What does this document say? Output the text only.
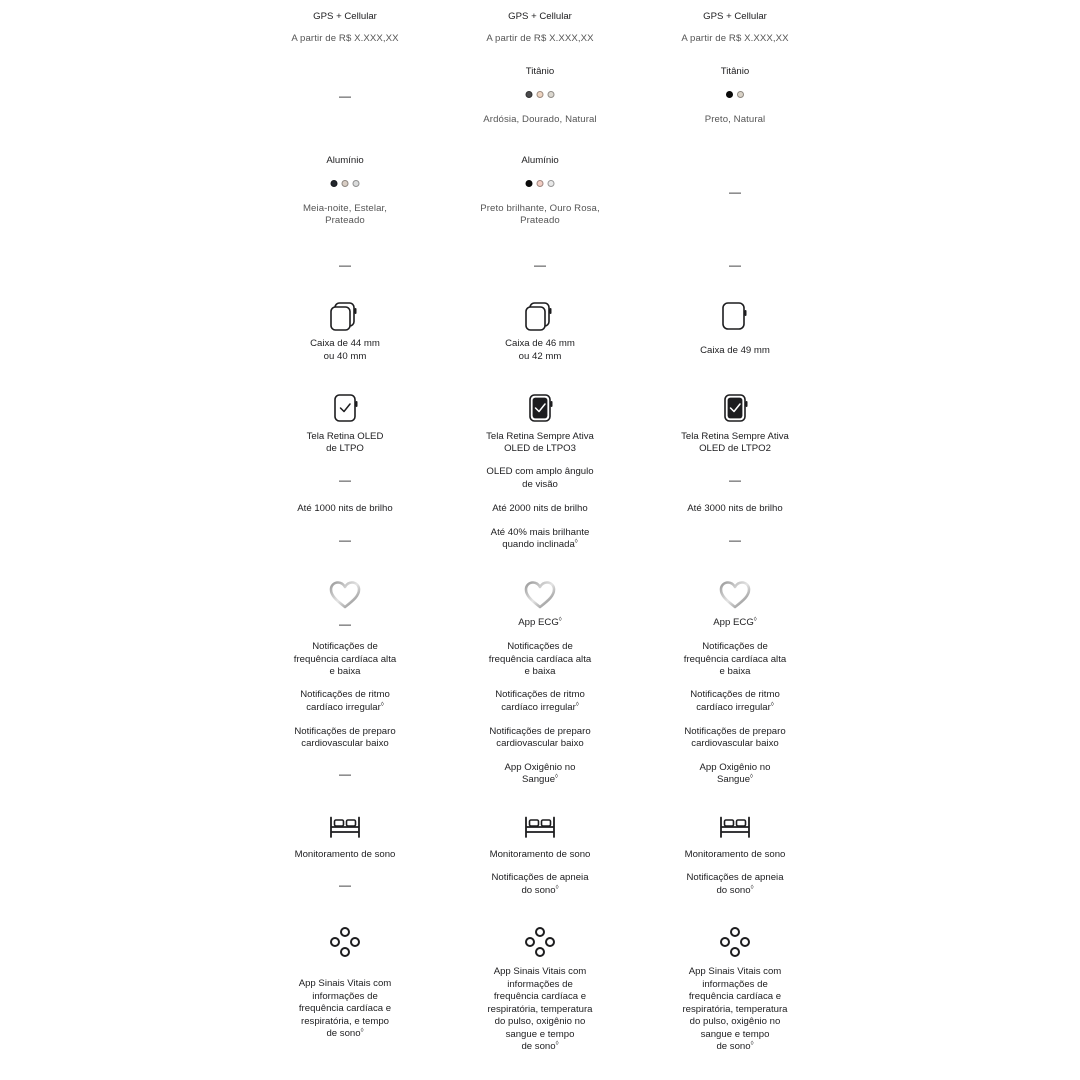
GPS + Cellular
A partir de R$ X.XXX,XX
—
Alumínio
Meia-noite, Estelar,
Prateado
—
Caixa de 44 mm
ou 40 mm
Tela Retina OLED
de LTPO
—
Até 1000 nits de brilho
—
—
Notificações de
frequência cardíaca alta
e baixa
Notificações de ritmo
cardíaco irregular◊
Notificações de preparo
cardiovascular baixo
—
Monitoramento de sono
—
App Sinais Vitais com
informações de
frequência cardíaca e
respiratória, e tempo
de sono◊
GPS + Cellular
A partir de R$ X.XXX,XX
Titânio
Ardósia, Dourado, Natural
Alumínio
Preto brilhante, Ouro Rosa,
Prateado
—
Caixa de 46 mm
ou 42 mm
Tela Retina Sempre Ativa
OLED de LTPO3
OLED com amplo ângulo
de visão
Até 2000 nits de brilho
Até 40% mais brilhante
quando inclinada◊
App ECG◊
Notificações de
frequência cardíaca alta
e baixa
Notificações de ritmo
cardíaco irregular◊
Notificações de preparo
cardiovascular baixo
App Oxigênio no
Sangue◊
Monitoramento de sono
Notificações de apneia
do sono◊
App Sinais Vitais com
informações de
frequência cardíaca e
respiratória, temperatura
do pulso, oxigênio no
sangue e tempo
de sono◊
GPS + Cellular
A partir de R$ X.XXX,XX
Titânio
Preto, Natural
—
—
Caixa de 49 mm
Tela Retina Sempre Ativa
OLED de LTPO2
—
Até 3000 nits de brilho
—
App ECG◊
Notificações de
frequência cardíaca alta
e baixa
Notificações de ritmo
cardíaco irregular◊
Notificações de preparo
cardiovascular baixo
App Oxigênio no
Sangue◊
Monitoramento de sono
Notificações de apneia
do sono◊
App Sinais Vitais com
informações de
frequência cardíaca e
respiratória, temperatura
do pulso, oxigênio no
sangue e tempo
de sono◊
